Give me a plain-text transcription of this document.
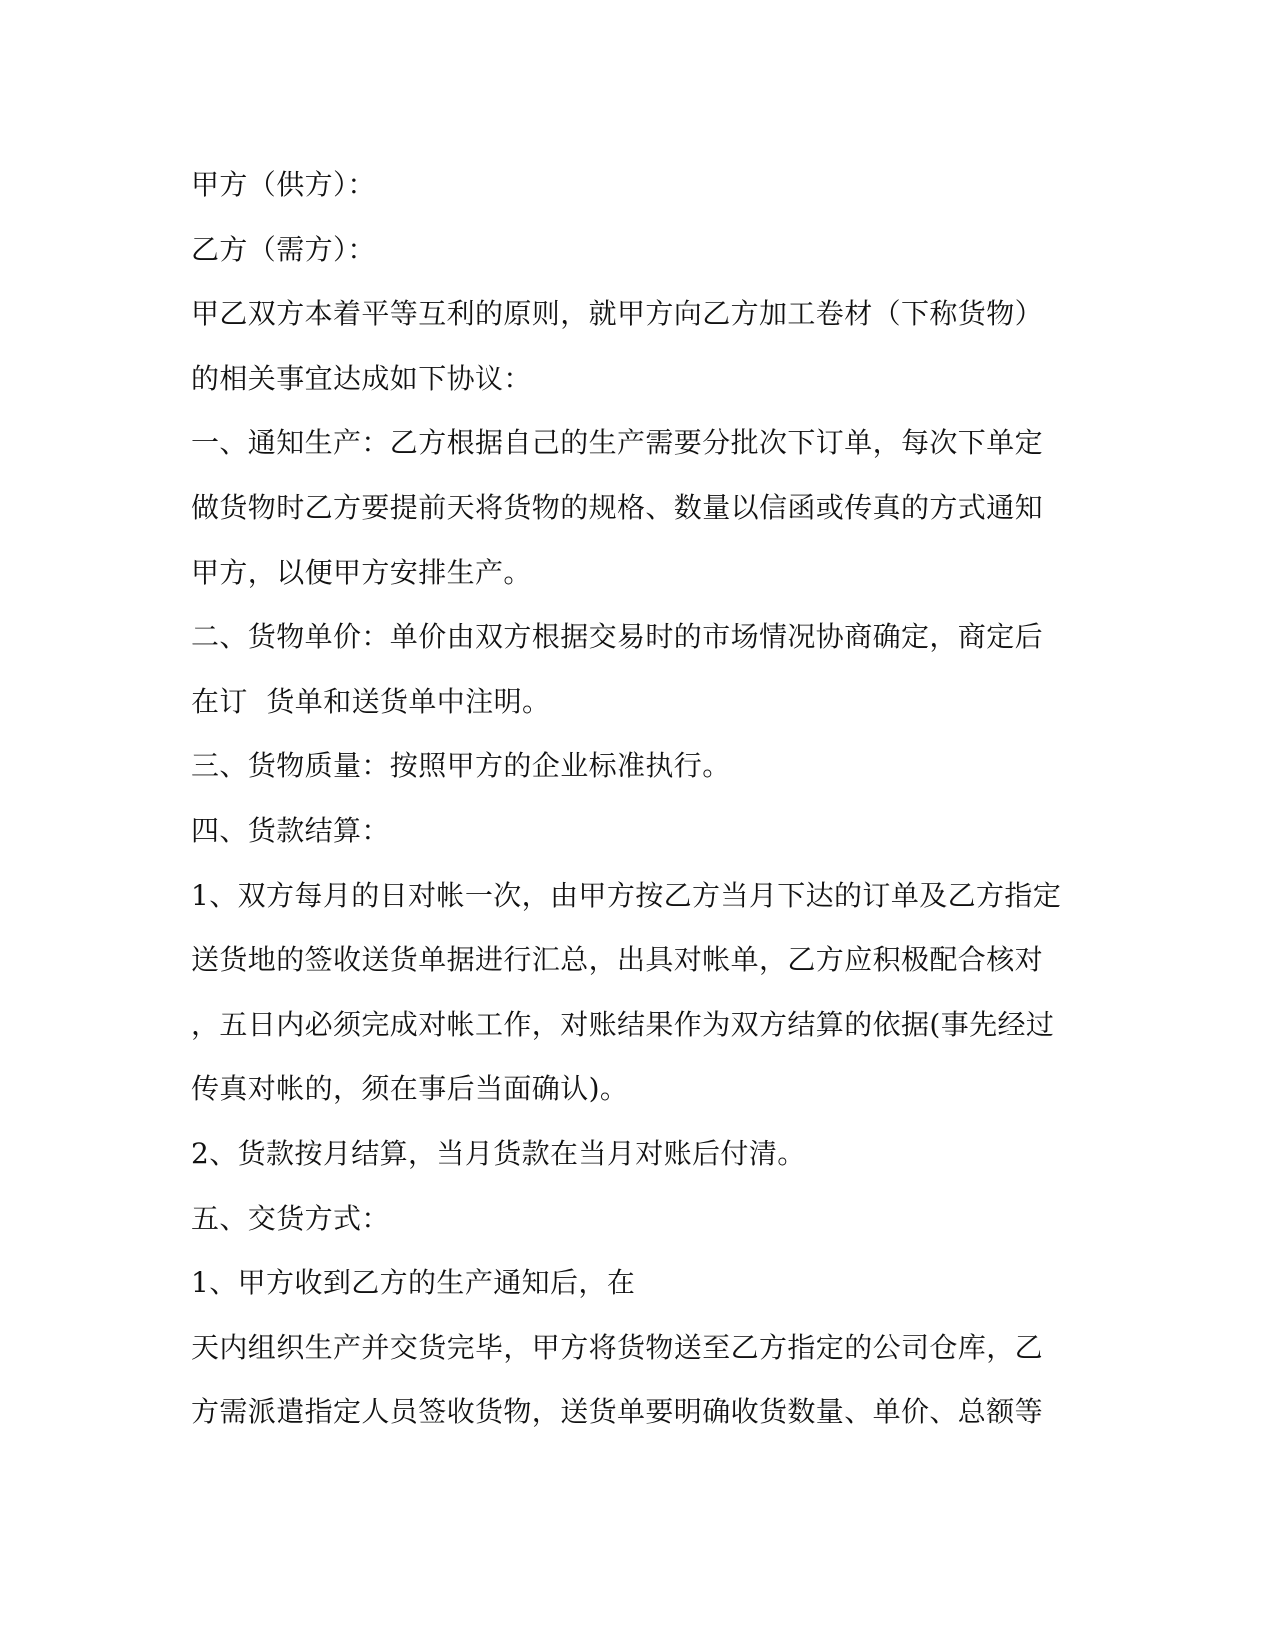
甲方（供方）：
乙方（需方）：
甲乙双方本着平等互利的原则，就甲方向乙方加工卷材（下称货物）
的相关事宜达成如下协议：
一、通知生产：乙方根据自己的生产需要分批次下订单，每次下单定
做货物时乙方要提前天将货物的规格、数量以信函或传真的方式通知
甲方，以便甲方安排生产。
二、货物单价：单价由双方根据交易时的市场情况协商确定，商定后
在订  货单和送货单中注明。
三、货物质量：按照甲方的企业标准执行。
四、货款结算：
1、双方每月的日对帐一次，由甲方按乙方当月下达的订单及乙方指定
送货地的签收送货单据进行汇总，出具对帐单，乙方应积极配合核对
，五日内必须完成对帐工作，对账结果作为双方结算的依据(事先经过
传真对帐的，须在事后当面确认)。
2、货款按月结算，当月货款在当月对账后付清。
五、交货方式：
1、甲方收到乙方的生产通知后，在
天内组织生产并交货完毕，甲方将货物送至乙方指定的公司仓库，乙
方需派遣指定人员签收货物，送货单要明确收货数量、单价、总额等
